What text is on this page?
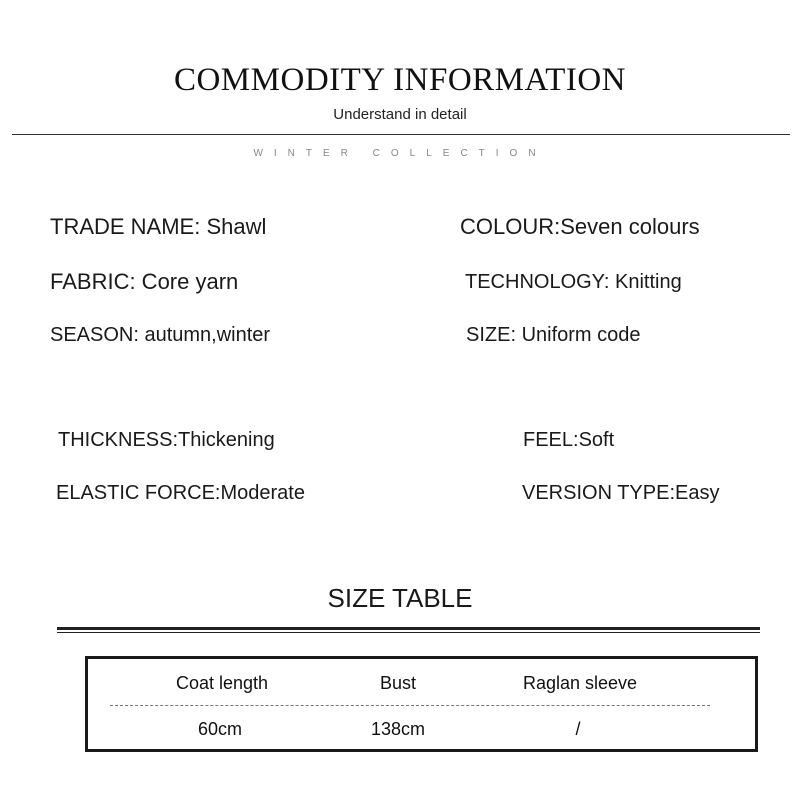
COMMODITY INFORMATION
Understand in detail
WINTER COLLECTION
TRADE NAME: Shawl	COLOUR:Seven colours
FABRIC: Core yarn	TECHNOLOGY: Knitting
SEASON: autumn,winter	SIZE: Uniform code
THICKNESS:Thickening	FEEL:Soft
ELASTIC FORCE:Moderate	VERSION TYPE:Easy
SIZE TABLE
Coat length	Bust	Raglan sleeve
60cm	138cm	/
